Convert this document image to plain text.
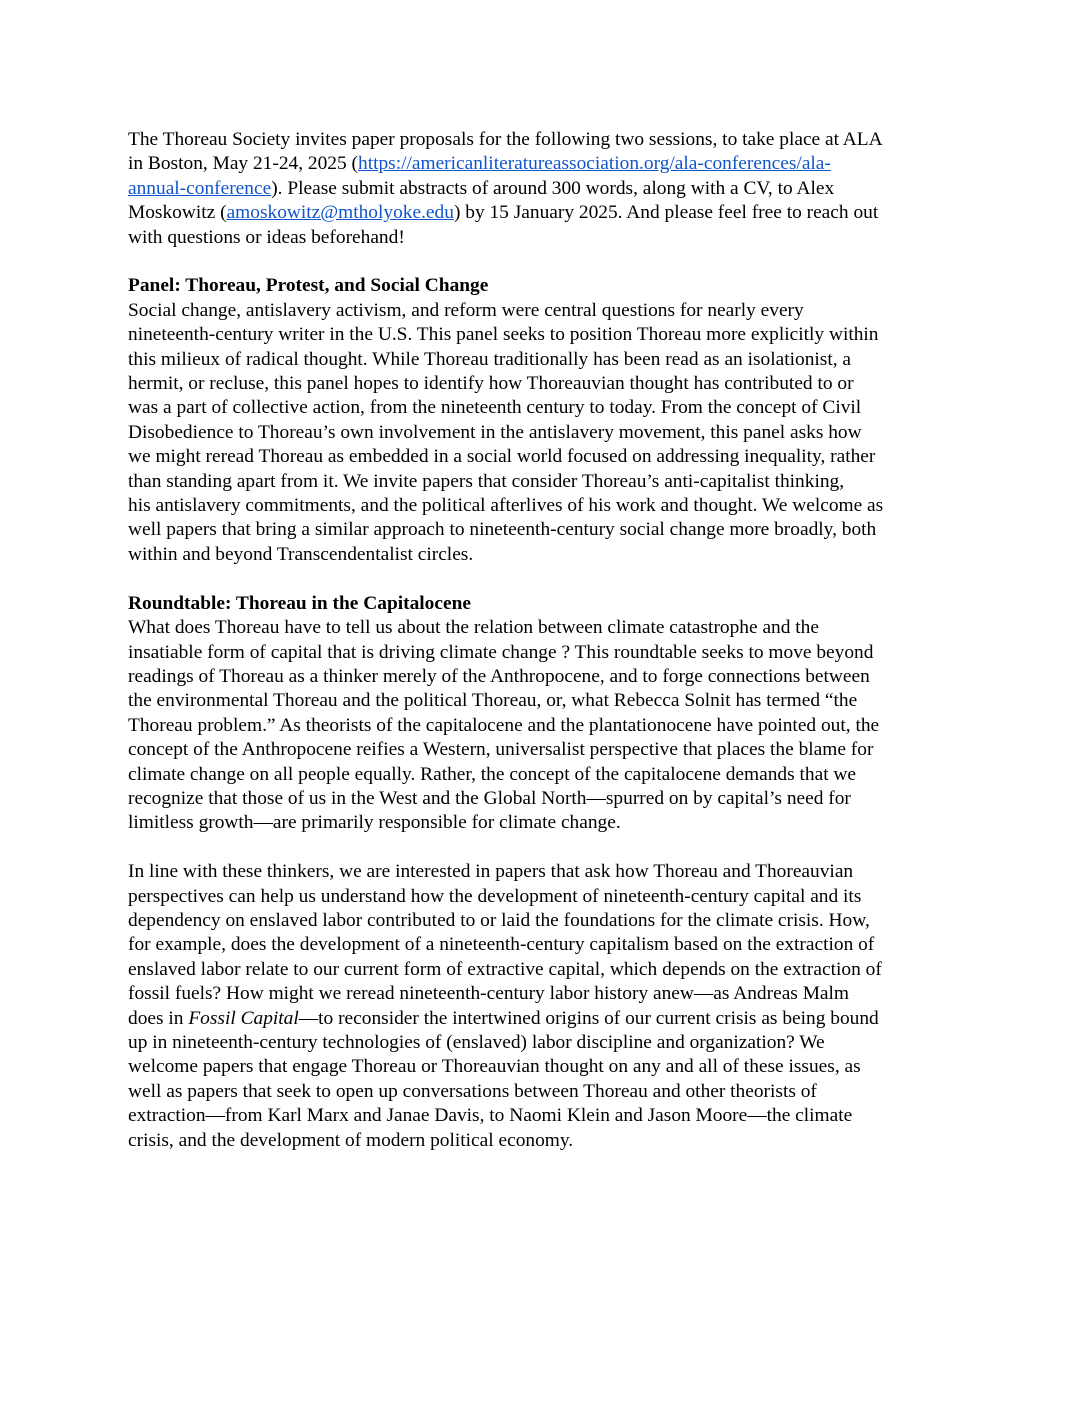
The Thoreau Society invites paper proposals for the following two sessions, to take place at ALA
in Boston, May 21-24, 2025 (https://americanliteratureassociation.org/ala-conferences/ala-
annual-conference). Please submit abstracts of around 300 words, along with a CV, to Alex
Moskowitz (amoskowitz@mtholyoke.edu) by 15 January 2025. And please feel free to reach out
with questions or ideas beforehand!
Panel: Thoreau, Protest, and Social Change
Social change, antislavery activism, and reform were central questions for nearly every
nineteenth-century writer in the U.S. This panel seeks to position Thoreau more explicitly within
this milieux of radical thought. While Thoreau traditionally has been read as an isolationist, a
hermit, or recluse, this panel hopes to identify how Thoreauvian thought has contributed to or
was a part of collective action, from the nineteenth century to today. From the concept of Civil
Disobedience to Thoreau’s own involvement in the antislavery movement, this panel asks how
we might reread Thoreau as embedded in a social world focused on addressing inequality, rather
than standing apart from it. We invite papers that consider Thoreau’s anti-capitalist thinking,
his antislavery commitments, and the political afterlives of his work and thought. We welcome as
well papers that bring a similar approach to nineteenth-century social change more broadly, both
within and beyond Transcendentalist circles.
Roundtable: Thoreau in the Capitalocene
What does Thoreau have to tell us about the relation between climate catastrophe and the
insatiable form of capital that is driving climate change ? This roundtable seeks to move beyond
readings of Thoreau as a thinker merely of the Anthropocene, and to forge connections between
the environmental Thoreau and the political Thoreau, or, what Rebecca Solnit has termed “the
Thoreau problem.” As theorists of the capitalocene and the plantationocene have pointed out, the
concept of the Anthropocene reifies a Western, universalist perspective that places the blame for
climate change on all people equally. Rather, the concept of the capitalocene demands that we
recognize that those of us in the West and the Global North—spurred on by capital’s need for
limitless growth—are primarily responsible for climate change.
In line with these thinkers, we are interested in papers that ask how Thoreau and Thoreauvian
perspectives can help us understand how the development of nineteenth-century capital and its
dependency on enslaved labor contributed to or laid the foundations for the climate crisis. How,
for example, does the development of a nineteenth-century capitalism based on the extraction of
enslaved labor relate to our current form of extractive capital, which depends on the extraction of
fossil fuels? How might we reread nineteenth-century labor history anew—as Andreas Malm
does in Fossil Capital—to reconsider the intertwined origins of our current crisis as being bound
up in nineteenth-century technologies of (enslaved) labor discipline and organization? We
welcome papers that engage Thoreau or Thoreauvian thought on any and all of these issues, as
well as papers that seek to open up conversations between Thoreau and other theorists of
extraction—from Karl Marx and Janae Davis, to Naomi Klein and Jason Moore—the climate
crisis, and the development of modern political economy.
